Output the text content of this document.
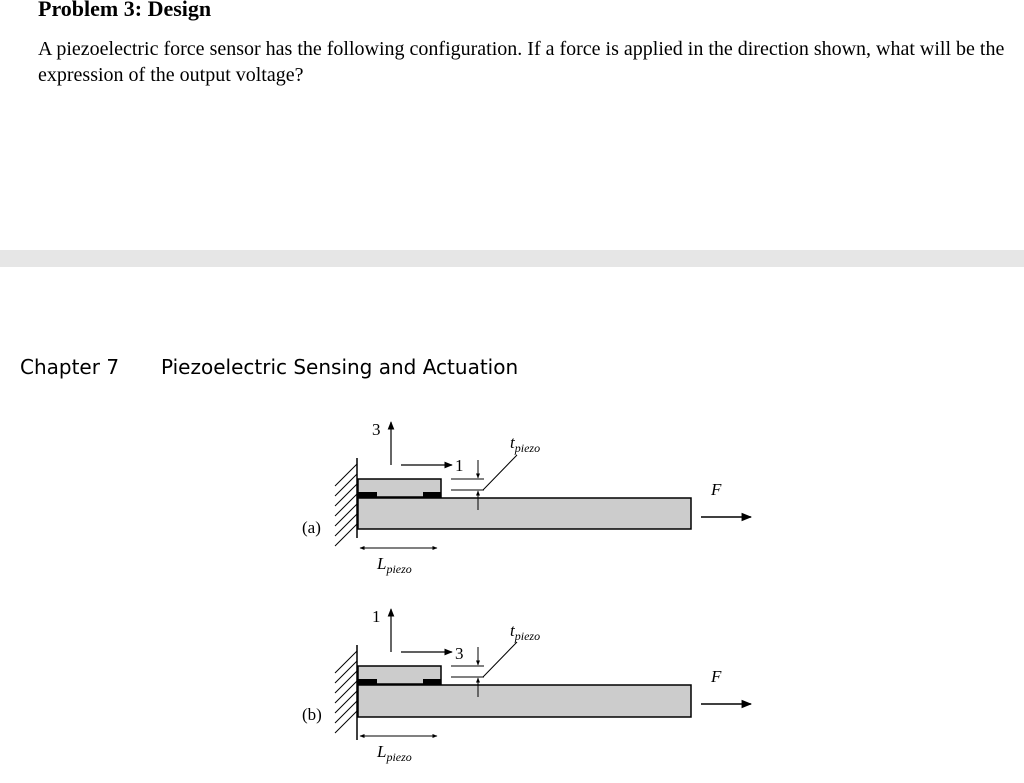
Problem 3: Design

A piezoelectric force sensor has the following configuration. If a force is applied in the direction shown, what will be the expression of the output voltage?

Chapter 7 Piezoelectric Sensing and Actuation
3
1
$t_{piezo}$
F
(a)
$L_{piezo}$
1
3
$t_{piezo}$
F
(b)
$L_{piezo}$
